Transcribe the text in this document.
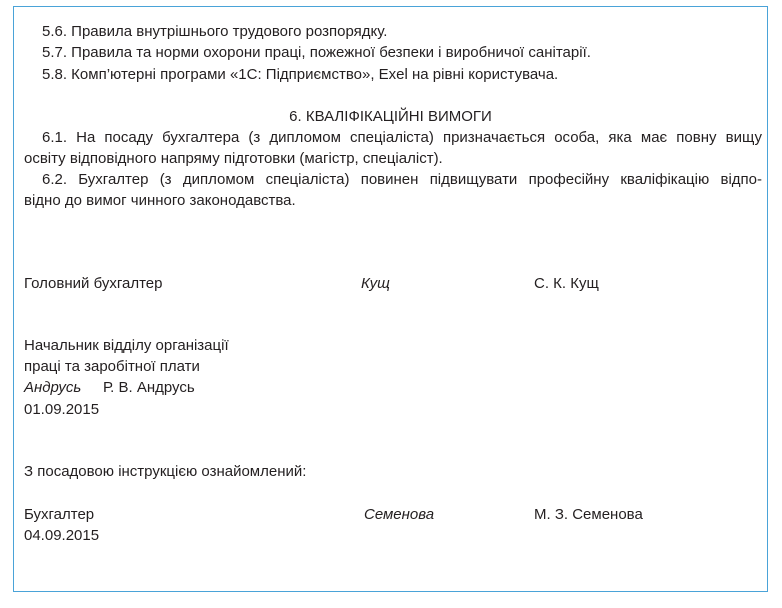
5.6. Правила внутрішнього трудового розпорядку.
5.7. Правила та норми охорони праці, пожежної безпеки і виробничої санітарії.
5.8. Комп’ютерні програми «1С: Підприємство», Exel на рівні користувача.
6. КВАЛІФІКАЦІЙНІ ВИМОГИ
6.1. На посаду бухгалтера (з дипломом спеціаліста) призначається особа, яка має повну вищу
освіту відповідного напряму підготовки (магістр, спеціаліст).
6.2. Бухгалтер (з дипломом спеціаліста) повинен підвищувати професійну кваліфікацію відпо-
відно до вимог чинного законодавства.
Головний бухгалтер	Кущ	С. К. Кущ
Начальник відділу організації
праці та заробітної плати
Андрусь Р. В. Андрусь
01.09.2015
З посадовою інструкцією ознайомлений:
Бухгалтер	Семенова	М. З. Семенова
04.09.2015
